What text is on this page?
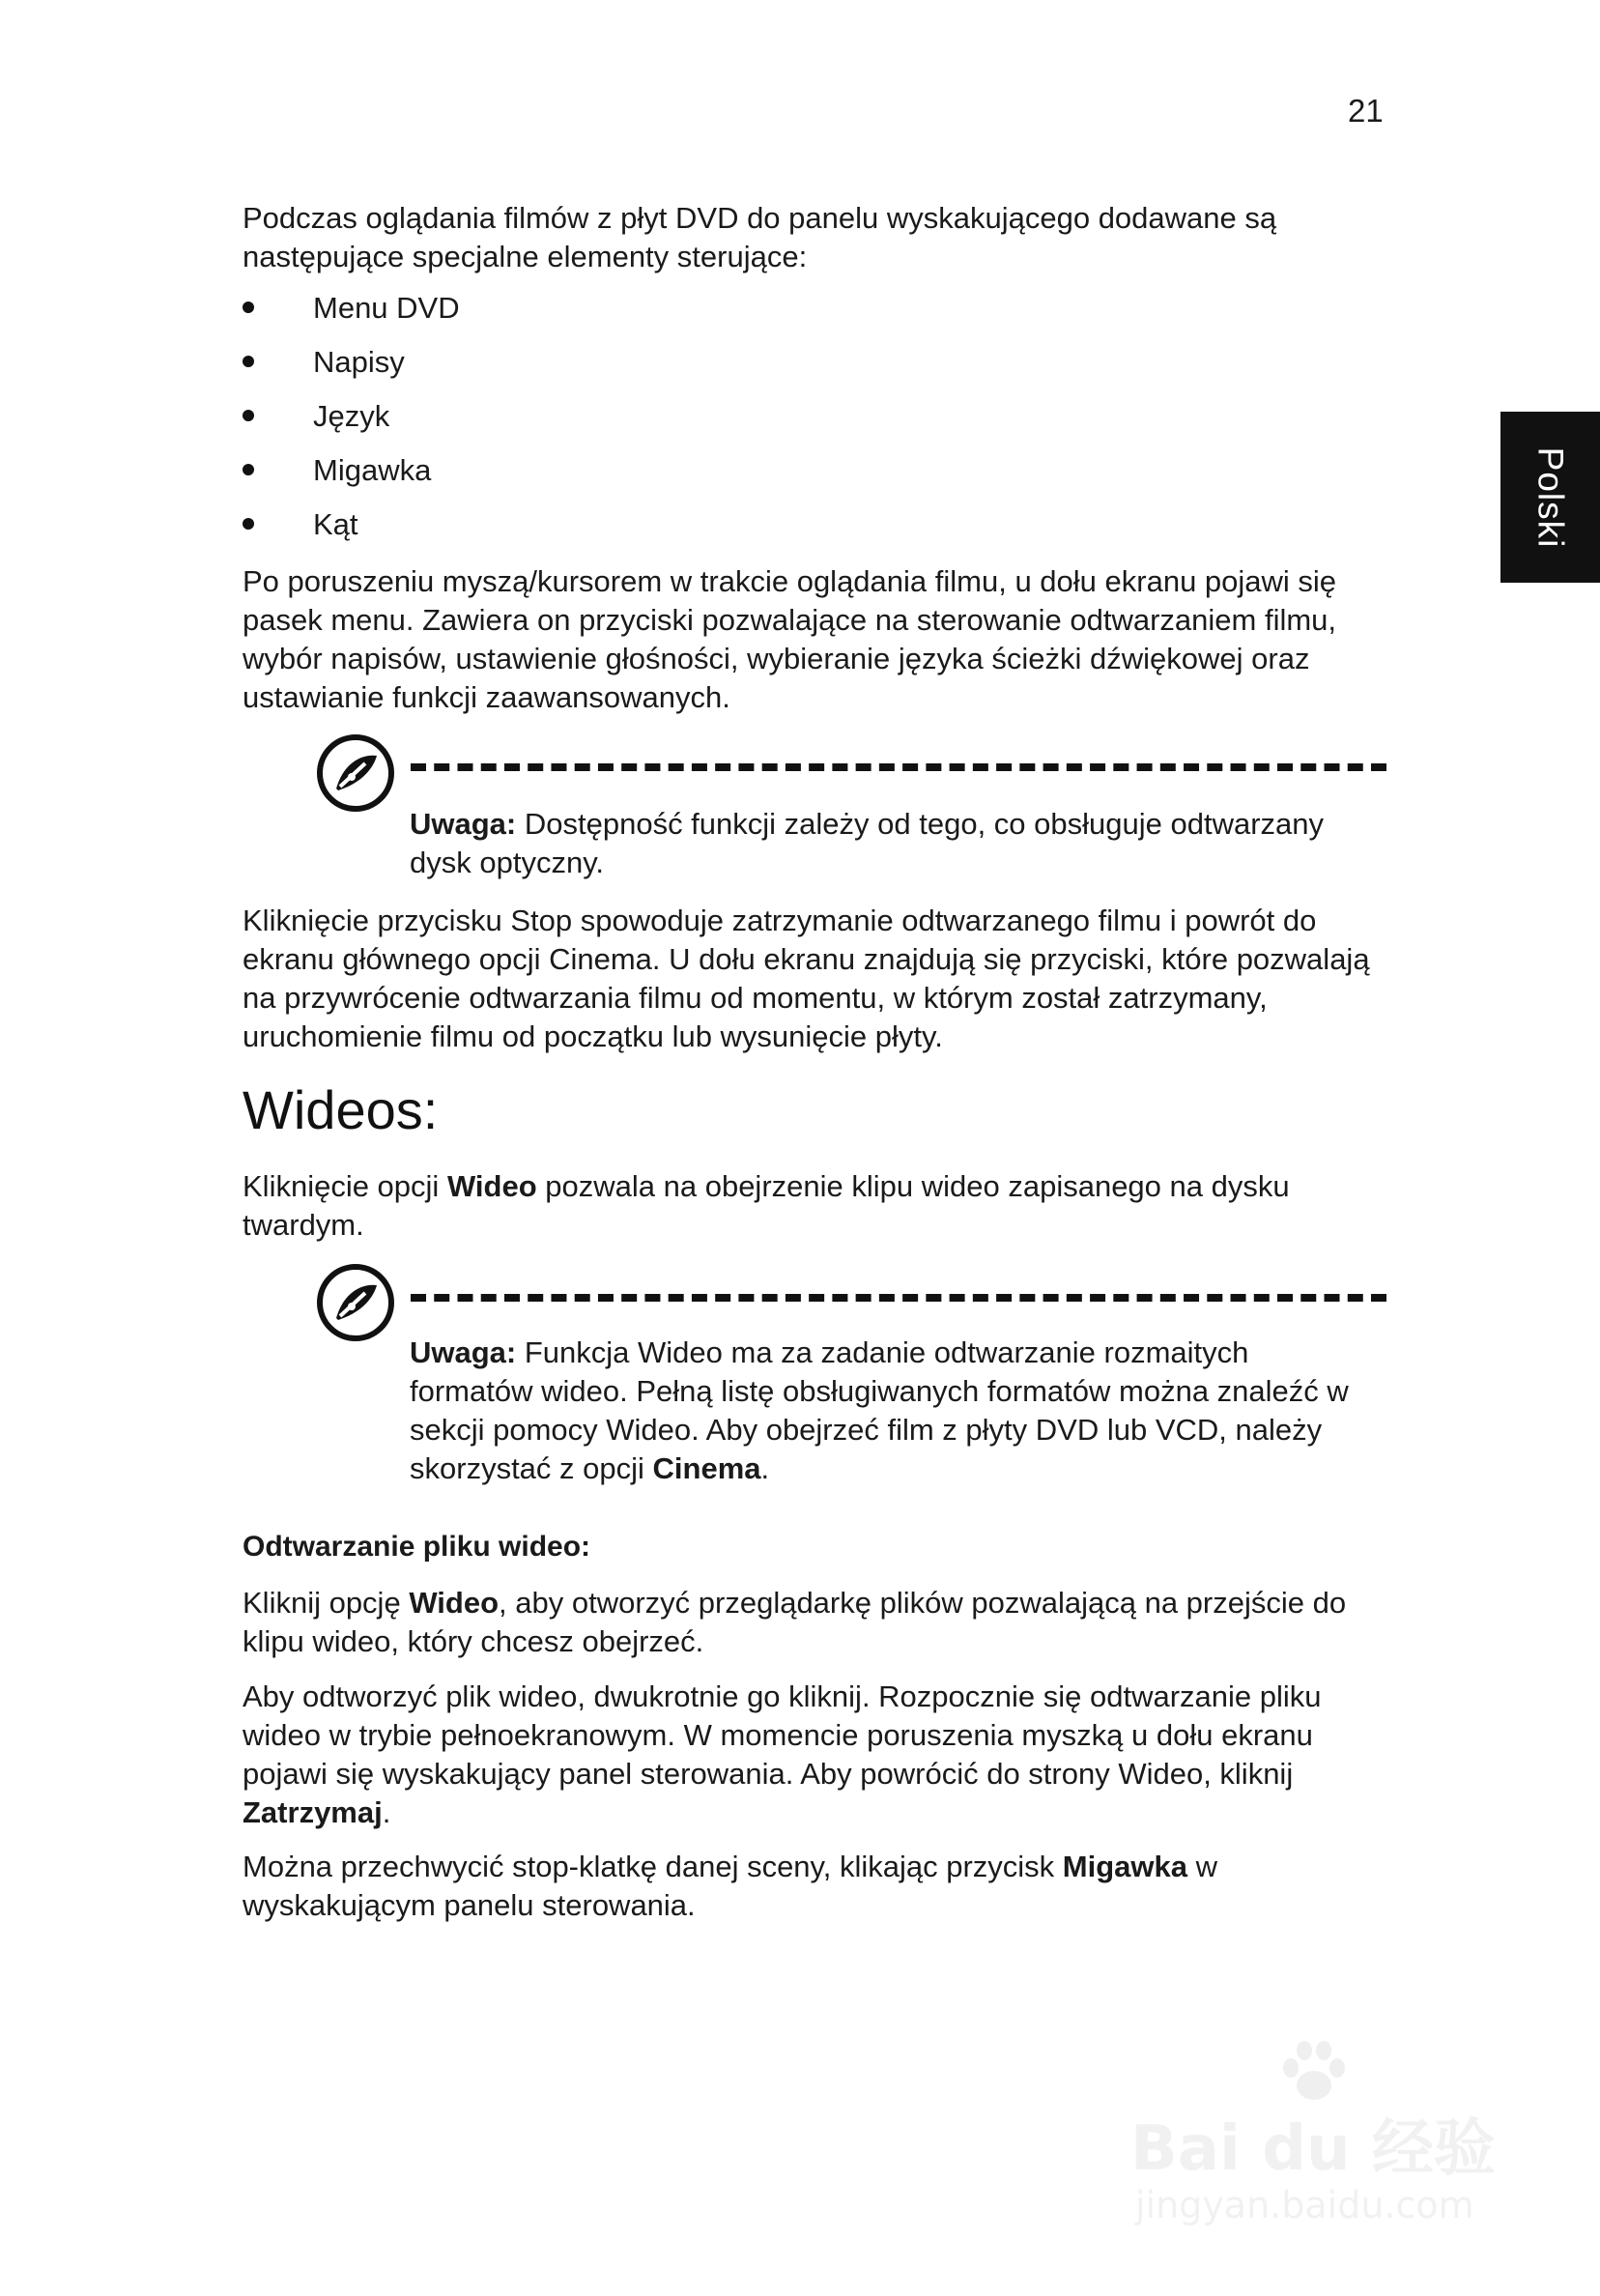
21
Polski

Podczas oglądania filmów z płyt DVD do panelu wyskakującego dodawane są następujące specjalne elementy sterujące:

Menu DVD
Napisy
Język
Migawka
Kąt

Po poruszeniu myszą/kursorem w trakcie oglądania filmu, u dołu ekranu pojawi się pasek menu. Zawiera on przyciski pozwalające na sterowanie odtwarzaniem filmu, wybór napisów, ustawienie głośności, wybieranie języka ścieżki dźwiękowej oraz ustawianie funkcji zaawansowanych.

Uwaga: Dostępność funkcji zależy od tego, co obsługuje odtwarzany dysk optyczny.

Kliknięcie przycisku Stop spowoduje zatrzymanie odtwarzanego filmu i powrót do ekranu głównego opcji Cinema. U dołu ekranu znajdują się przyciski, które pozwalają na przywrócenie odtwarzania filmu od momentu, w którym został zatrzymany, uruchomienie filmu od początku lub wysunięcie płyty.

Wideos:

Kliknięcie opcji Wideo pozwala na obejrzenie klipu wideo zapisanego na dysku twardym.

Uwaga: Funkcja Wideo ma za zadanie odtwarzanie rozmaitych formatów wideo. Pełną listę obsługiwanych formatów można znaleźć w sekcji pomocy Wideo. Aby obejrzeć film z płyty DVD lub VCD, należy skorzystać z opcji Cinema.

Odtwarzanie pliku wideo:

Kliknij opcję Wideo, aby otworzyć przeglądarkę plików pozwalającą na przejście do klipu wideo, który chcesz obejrzeć.

Aby odtworzyć plik wideo, dwukrotnie go kliknij. Rozpocznie się odtwarzanie pliku wideo w trybie pełnoekranowym. W momencie poruszenia myszką u dołu ekranu pojawi się wyskakujący panel sterowania. Aby powrócić do strony Wideo, kliknij Zatrzymaj.

Można przechwycić stop-klatkę danej sceny, klikając przycisk Migawka w wyskakującym panelu sterowania.

Bai du 经验
jingyan.baidu.com
